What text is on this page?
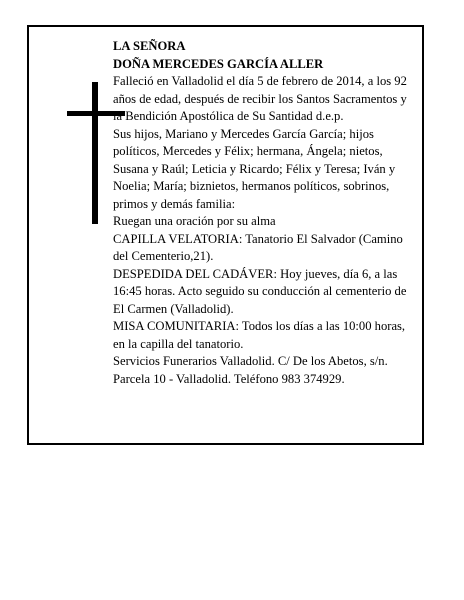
LA SEÑORA

DOÑA MERCEDES GARCÍA ALLER

Falleció en Valladolid el día 5 de febrero de 2014, a los 92 años de edad, después de recibir los Santos Sacramentos y la Bendición Apostólica de Su Santidad d.e.p.

Sus hijos, Mariano y Mercedes García García; hijos políticos, Mercedes y Félix; hermana, Ángela; nietos, Susana y Raúl; Leticia y Ricardo; Félix y Teresa; Iván y Noelia; María; biznietos, hermanos políticos, sobrinos, primos y demás familia:

Ruegan una oración por su alma

CAPILLA VELATORIA: Tanatorio El Salvador (Camino del Cementerio,21).

DESPEDIDA DEL CADÁVER: Hoy jueves, día 6, a las 16:45 horas. Acto seguido su conducción al cementerio de El Carmen (Valladolid).

MISA COMUNITARIA: Todos los días a las 10:00 horas, en la capilla del tanatorio.

Servicios Funerarios Valladolid. C/ De los Abetos, s/n. Parcela 10 - Valladolid. Teléfono 983 374929.
